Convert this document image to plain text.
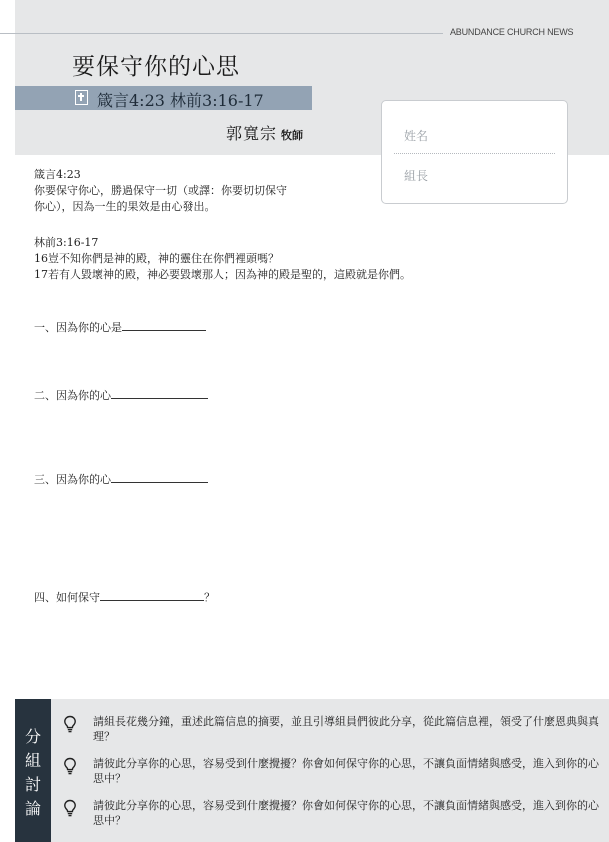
ABUNDANCE CHURCH NEWS
要保守你的心思
箴言4:23 林前3:16-17
郭寬宗 牧師	姓名
組長
箴言4:23
你要保守你心，勝過保守一切（或譯：你要切切保守
你心），因為一生的果效是由心發出。
林前3:16-17
16豈不知你們是神的殿，神的靈住在你們裡頭嗎？
17若有人毀壞神的殿，神必要毀壞那人；因為神的殿是聖的，這殿就是你們。
一、因為你的心是
二、因為你的心
三、因為你的心
四、如何保守	？
分
組
討
論
請組長花幾分鐘，重述此篇信息的摘要，並且引導組員們彼此分享，從此篇信息裡，領受了什麼恩典與真理？
請彼此分享你的心思，容易受到什麼攪擾？你會如何保守你的心思，不讓負面情緒與感受，進入到你的心思中？
請彼此分享你的心思，容易受到什麼攪擾？你會如何保守你的心思，不讓負面情緒與感受，進入到你的心思中？
